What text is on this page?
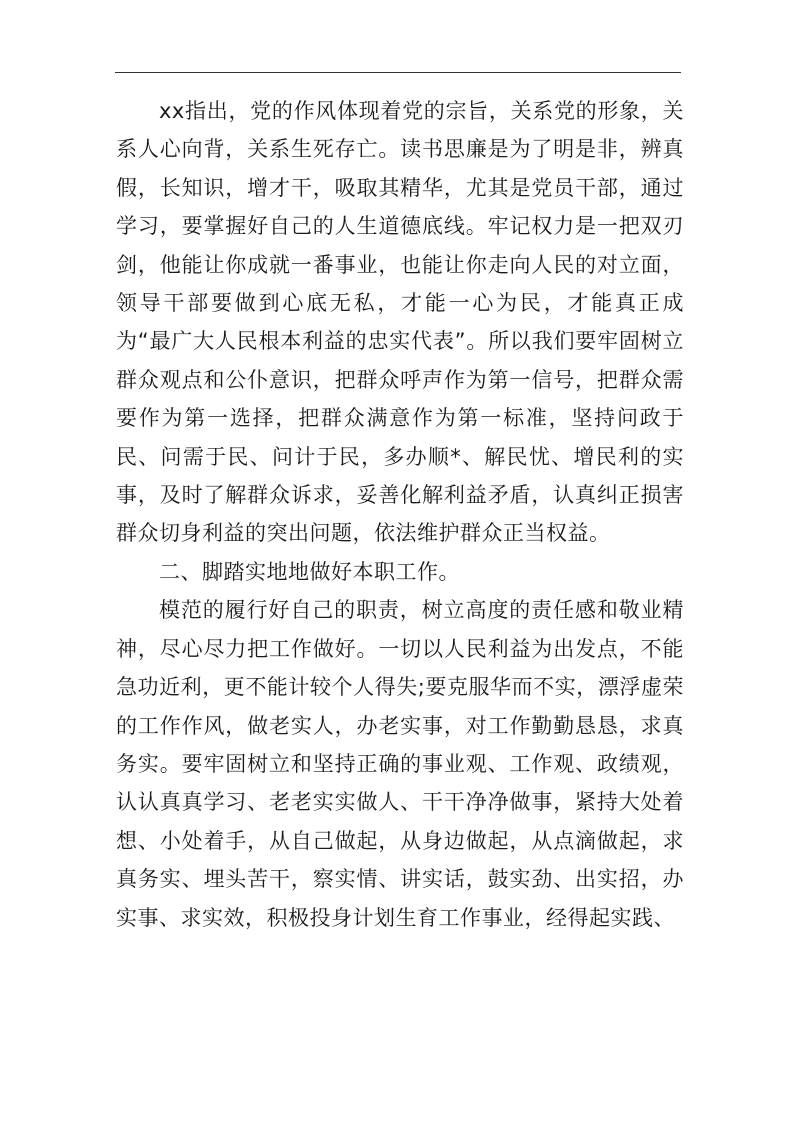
xx指出，党的作风体现着党的宗旨，关系党的形象，关系人心向背，关系生死存亡。读书思廉是为了明是非，辨真假，长知识，增才干，吸取其精华，尤其是党员干部，通过学习，要掌握好自己的人生道德底线。牢记权力是一把双刃剑，他能让你成就一番事业，也能让你走向人民的对立面，领导干部要做到心底无私，才能一心为民，才能真正成为“最广大人民根本利益的忠实代表”。所以我们要牢固树立群众观点和公仆意识，把群众呼声作为第一信号，把群众需要作为第一选择，把群众满意作为第一标准，坚持问政于民、问需于民、问计于民，多办顺*、解民忧、增民利的实事，及时了解群众诉求，妥善化解利益矛盾，认真纠正损害群众切身利益的突出问题，依法维护群众正当权益。

二、脚踏实地地做好本职工作。

模范的履行好自己的职责，树立高度的责任感和敬业精神，尽心尽力把工作做好。一切以人民利益为出发点，不能急功近利，更不能计较个人得失;要克服华而不实，漂浮虚荣的工作作风，做老实人，办老实事，对工作勤勤恳恳，求真务实。要牢固树立和坚持正确的事业观、工作观、政绩观，认认真真学习、老老实实做人、干干净净做事，紧持大处着想、小处着手，从自己做起，从身边做起，从点滴做起，求真务实、埋头苦干，察实情、讲实话，鼓实劲、出实招，办实事、求实效，积极投身计划生育工作事业，经得起实践、
